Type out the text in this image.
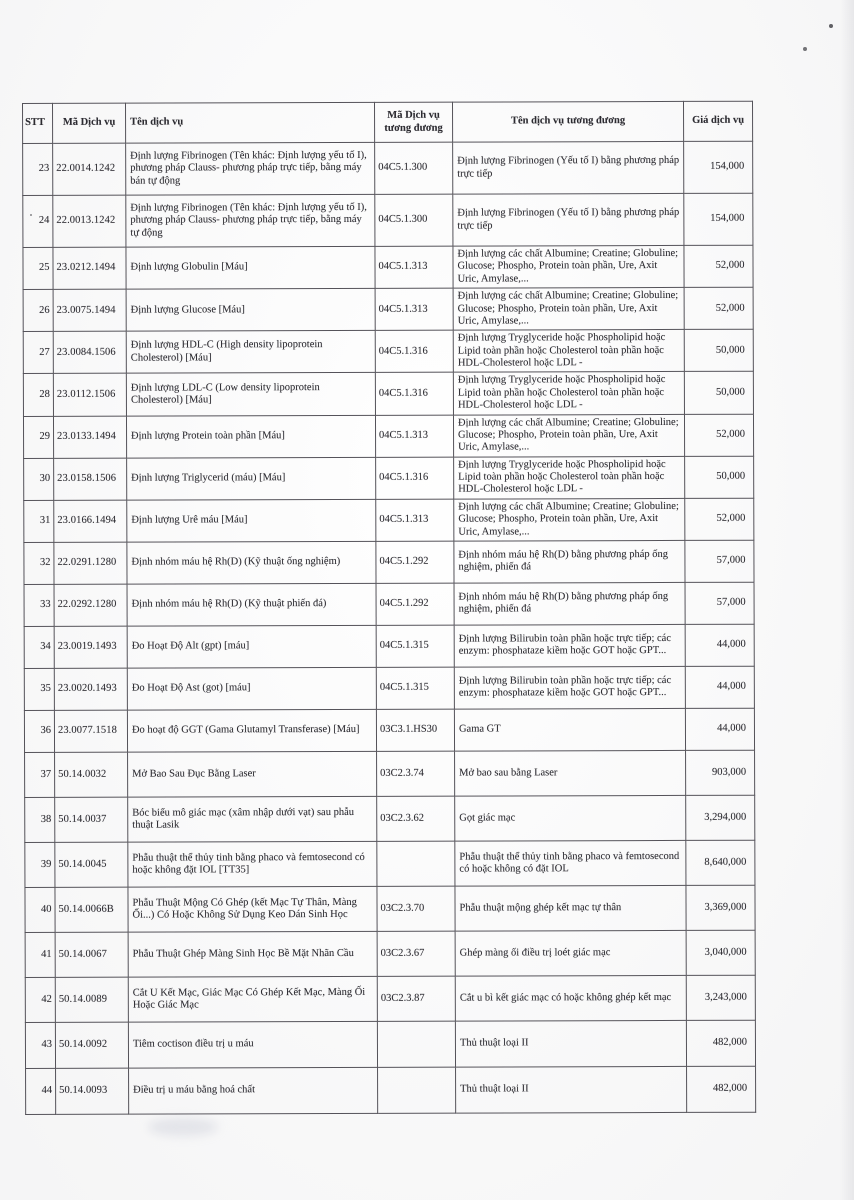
STT	Mã Dịch vụ	Tên dịch vụ	Mã Dịch vụ tương đương	Tên dịch vụ tương đương	Giá dịch vụ
23	22.0014.1242	Định lượng Fibrinogen (Tên khác: Định lượng yếu tố I), phương pháp Clauss- phương pháp trực tiếp, bằng máy bán tự động	04C5.1.300	Định lượng Fibrinogen (Yếu tố I) bằng phương pháp trực tiếp	154,000
24	22.0013.1242	Định lượng Fibrinogen (Tên khác: Định lượng yếu tố I), phương pháp Clauss- phương pháp trực tiếp, bằng máy tự động	04C5.1.300	Định lượng Fibrinogen (Yếu tố I) bằng phương pháp trực tiếp	154,000
25	23.0212.1494	Định lượng Globulin [Máu]	04C5.1.313	Định lượng các chất Albumine; Creatine; Globuline; Glucose; Phospho, Protein toàn phần, Ure, Axit Uric, Amylase,...	52,000
26	23.0075.1494	Định lượng Glucose [Máu]	04C5.1.313	Định lượng các chất Albumine; Creatine; Globuline; Glucose; Phospho, Protein toàn phần, Ure, Axit Uric, Amylase,...	52,000
27	23.0084.1506	Định lượng HDL-C (High density lipoprotein Cholesterol) [Máu]	04C5.1.316	Định lượng Tryglyceride hoặc Phospholipid hoặc Lipid toàn phần hoặc Cholesterol toàn phần hoặc HDL-Cholesterol hoặc LDL -	50,000
28	23.0112.1506	Định lượng LDL-C (Low density lipoprotein Cholesterol) [Máu]	04C5.1.316	Định lượng Tryglyceride hoặc Phospholipid hoặc Lipid toàn phần hoặc Cholesterol toàn phần hoặc HDL-Cholesterol hoặc LDL -	50,000
29	23.0133.1494	Định lượng Protein toàn phần [Máu]	04C5.1.313	Định lượng các chất Albumine; Creatine; Globuline; Glucose; Phospho, Protein toàn phần, Ure, Axit Uric, Amylase,...	52,000
30	23.0158.1506	Định lượng Triglycerid (máu) [Máu]	04C5.1.316	Định lượng Tryglyceride hoặc Phospholipid hoặc Lipid toàn phần hoặc Cholesterol toàn phần hoặc HDL-Cholesterol hoặc LDL -	50,000
31	23.0166.1494	Định lượng Urê máu [Máu]	04C5.1.313	Định lượng các chất Albumine; Creatine; Globuline; Glucose; Phospho, Protein toàn phần, Ure, Axit Uric, Amylase,...	52,000
32	22.0291.1280	Định nhóm máu hệ Rh(D) (Kỹ thuật ống nghiệm)	04C5.1.292	Định nhóm máu hệ Rh(D) bằng phương pháp ống nghiệm, phiến đá	57,000
33	22.0292.1280	Định nhóm máu hệ Rh(D) (Kỹ thuật phiến đá)	04C5.1.292	Định nhóm máu hệ Rh(D) bằng phương pháp ống nghiệm, phiến đá	57,000
34	23.0019.1493	Đo Hoạt Độ Alt (gpt) [máu]	04C5.1.315	Định lượng Bilirubin toàn phần hoặc trực tiếp; các enzym: phosphataze kiềm hoặc GOT hoặc GPT...	44,000
35	23.0020.1493	Đo Hoạt Độ Ast (got) [máu]	04C5.1.315	Định lượng Bilirubin toàn phần hoặc trực tiếp; các enzym: phosphataze kiềm hoặc GOT hoặc GPT...	44,000
36	23.0077.1518	Đo hoạt độ GGT (Gama Glutamyl Transferase) [Máu]	03C3.1.HS30	Gama GT	44,000
37	50.14.0032	Mở Bao Sau Đục Bằng Laser	03C2.3.74	Mở bao sau bằng Laser	903,000
38	50.14.0037	Bóc biểu mô giác mạc (xâm nhập dưới vạt) sau phẫu thuật Lasik	03C2.3.62	Gọt giác mạc	3,294,000
39	50.14.0045	Phẫu thuật thể thủy tinh bằng phaco và femtosecond có hoặc không đặt IOL [TT35]		Phẫu thuật thể thủy tinh bằng phaco và femtosecond có hoặc không có đặt IOL	8,640,000
40	50.14.0066B	Phẫu Thuật Mộng Có Ghép (kết Mạc Tự Thân, Màng Ối...) Có Hoặc Không Sử Dụng Keo Dán Sinh Học	03C2.3.70	Phẫu thuật mộng ghép kết mạc tự thân	3,369,000
41	50.14.0067	Phẫu Thuật Ghép Màng Sinh Học Bề Mặt Nhãn Cầu	03C2.3.67	Ghép màng ối điều trị loét giác mạc	3,040,000
42	50.14.0089	Cắt U Kết Mạc, Giác Mạc Có Ghép Kết Mạc, Màng Ối Hoặc Giác Mạc	03C2.3.87	Cắt u bì kết giác mạc có hoặc không ghép kết mạc	3,243,000
43	50.14.0092	Tiêm coctison điều trị u máu		Thủ thuật loại II	482,000
44	50.14.0093	Điều trị u máu bằng hoá chất		Thủ thuật loại II	482,000
